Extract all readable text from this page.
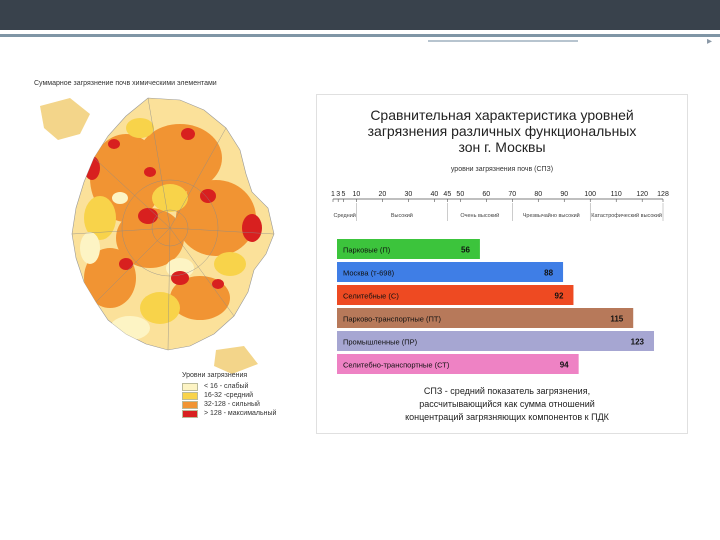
▸
Суммарное загрязнение почв химическими элементами
Уровни загрязнения
< 16 - слабый
16-32 -средний
32-128 - сильный
> 128 - максимальный
Сравнительная характеристика уровней
загрязнения различных функциональных
зон г. Москвы
уровни загрязнения почв (СПЗ)
1 3 5 10	20	30	40 45 50	60	70	80	90 100 110 120 128
Средний	Высокий	Очень высокий	Чрезвычайно высокий Катастрофический высокий
Парковые (П)	56
Москва (т-698)	88
Селитебные (С)	92
Парково-транспортные (ПТ)	115
Промышленные (ПР)	123
Селитебно-транспортные (СТ)	94
СПЗ - средний показатель загрязнения,
рассчитывающийся как сумма отношений
концентраций загрязняющих компонентов к ПДК
